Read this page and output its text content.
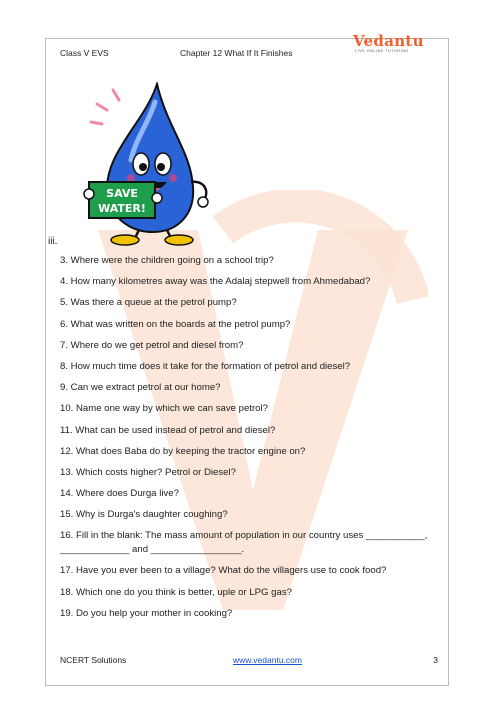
Class V EVS	Chapter 12 What If It Finishes
Vedantu
LIVE ONLINE TUTORING
SAVE
WATER!
iii.
3. Where were the children going on a school trip?
4. How many kilometres away was the Adalaj stepwell from Ahmedabad?
5. Was there a queue at the petrol pump?
6. What was written on the boards at the petrol pump?
7. Where do we get petrol and diesel from?
8. How much time does it take for the formation of petrol and diesel?
9. Can we extract petrol at our home?
10. Name one way by which we can save petrol?
11. What can be used instead of petrol and diesel?
12. What does Baba do by keeping the tractor engine on?
13. Which costs higher? Petrol or Diesel?
14. Where does Durga live?
15. Why is Durga's daughter coughing?
16. Fill in the blank: The mass amount of population in our country uses ___________, _____________ and _________________.
17. Have you ever been to a village? What do the villagers use to cook food?
18. Which one do you think is better, uple or LPG gas?
19. Do you help your mother in cooking?
NCERT Solutions	www.vedantu.com	3
